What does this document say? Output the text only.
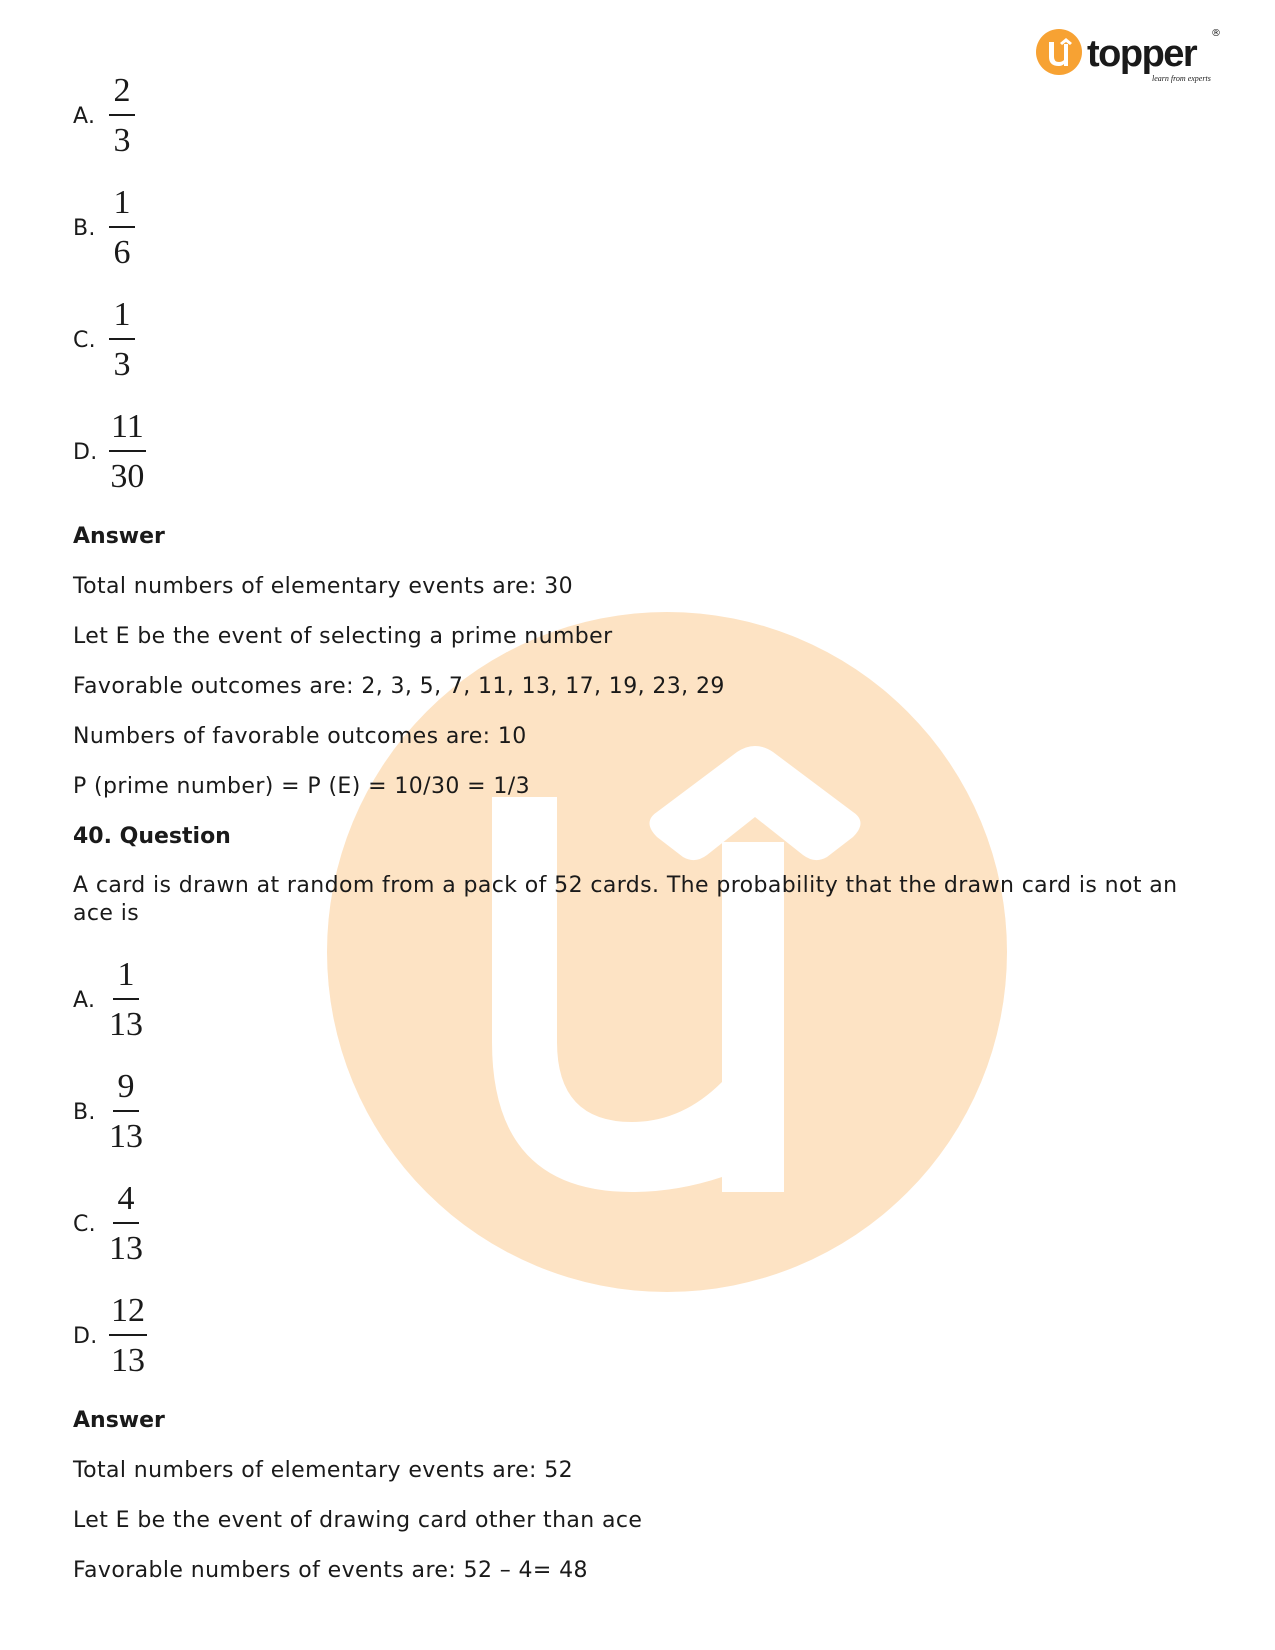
topper
learn from experts
®
A. $\frac{2}{3}$
B. $\frac{1}{6}$
C. $\frac{1}{3}$
D. $\frac{11}{30}$

Answer

Total numbers of elementary events are: 30

Let E be the event of selecting a prime number

Favorable outcomes are: 2, 3, 5, 7, 11, 13, 17, 19, 23, 29

Numbers of favorable outcomes are: 10

P (prime number) = P (E) = 10/30 = 1/3

40. Question

A card is drawn at random from a pack of 52 cards. The probability that the drawn card is not an ace is

A. $\frac{1}{13}$
B. $\frac{9}{13}$
C. $\frac{4}{13}$
D. $\frac{12}{13}$

Answer

Total numbers of elementary events are: 52

Let E be the event of drawing card other than ace

Favorable numbers of events are: 52 – 4= 48
